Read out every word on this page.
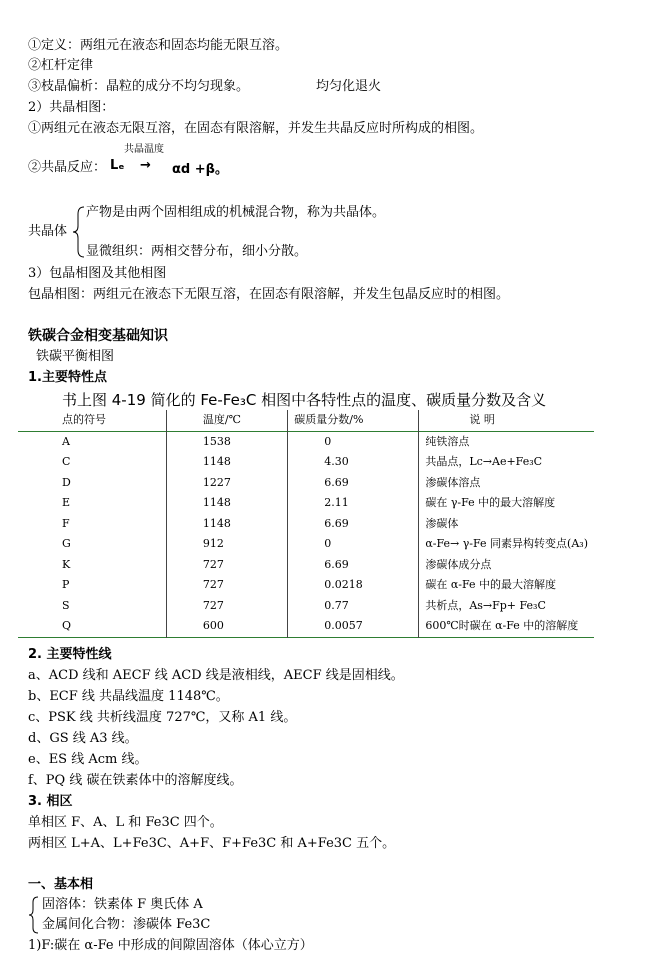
①定义：两组元在液态和固态均能无限互溶。
②杠杆定律
③枝晶偏析：晶粒的成分不均匀现象。	均匀化退火
2）共晶相图：
①两组元在液态无限互溶，在固态有限溶解，并发生共晶反应时所构成的相图。
共晶温度
②共晶反应： Lₑ → αd +β。
共晶体
产物是由两个固相组成的机械混合物，称为共晶体。
显微组织：两相交替分布，细小分散。
3）包晶相图及其他相图
包晶相图：两组元在液态下无限互溶，在固态有限溶解，并发生包晶反应时的相图。
铁碳合金相变基础知识
铁碳平衡相图
1.主要特性点
书上图 4-19 简化的 Fe-Fe₃C 相图中各特性点的温度、碳质量分数及含义
点的符号	温度/℃	碳质量分数/%	说 明
A	1538	0	纯铁溶点
C	1148	4.30	共晶点，Lc→Ae+Fe₃C
D	1227	6.69	渗碳体溶点
E	1148	2.11	碳在 γ-Fe 中的最大溶解度
F	1148	6.69	渗碳体
G	912	0	α-Fe→ γ-Fe 同素异构转变点(A₃)
K	727	6.69	渗碳体成分点
P	727	0.0218	碳在 α-Fe 中的最大溶解度
S	727	0.77	共析点，As→Fp+ Fe₃C
Q	600	0.0057	600℃时碳在 α-Fe 中的溶解度
2. 主要特性线
a、ACD 线和 AECF 线 ACD 线是液相线，AECF 线是固相线。
b、ECF 线 共晶线温度 1148℃。
c、PSK 线 共析线温度 727℃，又称 A1 线。
d、GS 线 A3 线。
e、ES 线 Acm 线。
f、PQ 线 碳在铁素体中的溶解度线。
3. 相区
单相区 F、A、L 和 Fe3C 四个。
两相区 L+A、L+Fe3C、A+F、F+Fe3C 和 A+Fe3C 五个。
一、基本相
固溶体：铁素体 F 奥氏体 A
金属间化合物：渗碳体 Fe3C
1)F:碳在 α-Fe 中形成的间隙固溶体（体心立方）
